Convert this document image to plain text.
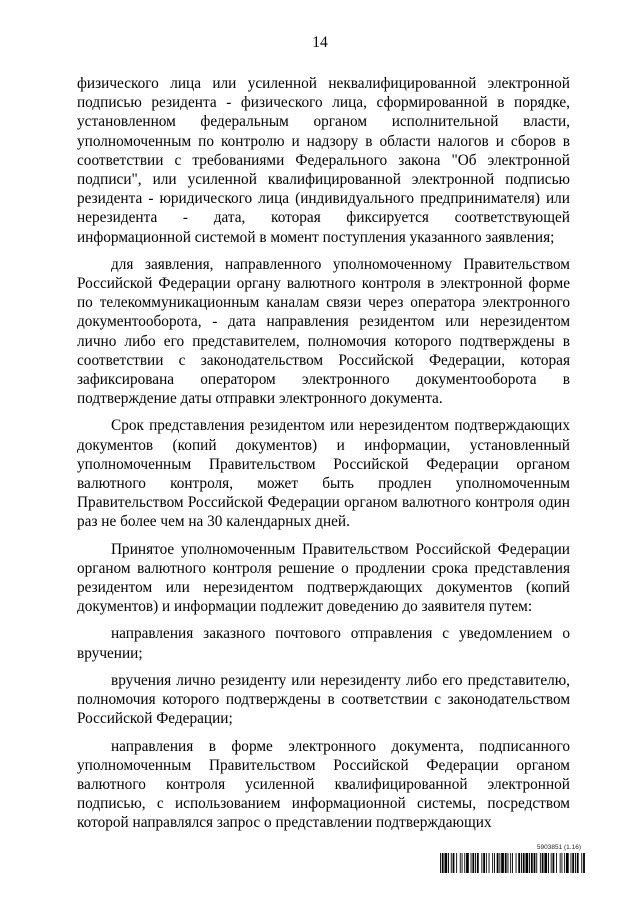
14

физического лица или усиленной неквалифицированной электронной подписью резидента - физического лица, сформированной в порядке, установленном федеральным органом исполнительной власти, уполномоченным по контролю и надзору в области налогов и сборов в соответствии с требованиями Федерального закона "Об электронной подписи", или усиленной квалифицированной электронной подписью резидента - юридического лица (индивидуального предпринимателя) или нерезидента - дата, которая фиксируется соответствующей информационной системой в момент поступления указанного заявления;

для заявления, направленного уполномоченному Правительством Российской Федерации органу валютного контроля в электронной форме по телекоммуникационным каналам связи через оператора электронного документооборота, - дата направления резидентом или нерезидентом лично либо его представителем, полномочия которого подтверждены в соответствии с законодательством Российской Федерации, которая зафиксирована оператором электронного документооборота в подтверждение даты отправки электронного документа.

Срок представления резидентом или нерезидентом подтверждающих документов (копий документов) и информации, установленный уполномоченным Правительством Российской Федерации органом валютного контроля, может быть продлен уполномоченным Правительством Российской Федерации органом валютного контроля один раз не более чем на 30 календарных дней.

Принятое уполномоченным Правительством Российской Федерации органом валютного контроля решение о продлении срока представления резидентом или нерезидентом подтверждающих документов (копий документов) и информации подлежит доведению до заявителя путем:

направления заказного почтового отправления с уведомлением о вручении;

вручения лично резиденту или нерезиденту либо его представителю, полномочия которого подтверждены в соответствии с законодательством Российской Федерации;

направления в форме электронного документа, подписанного уполномоченным Правительством Российской Федерации органом валютного контроля усиленной квалифицированной электронной подписью, с использованием информационной системы, посредством которой направлялся запрос о представлении подтверждающих

5903851 (1.16)
